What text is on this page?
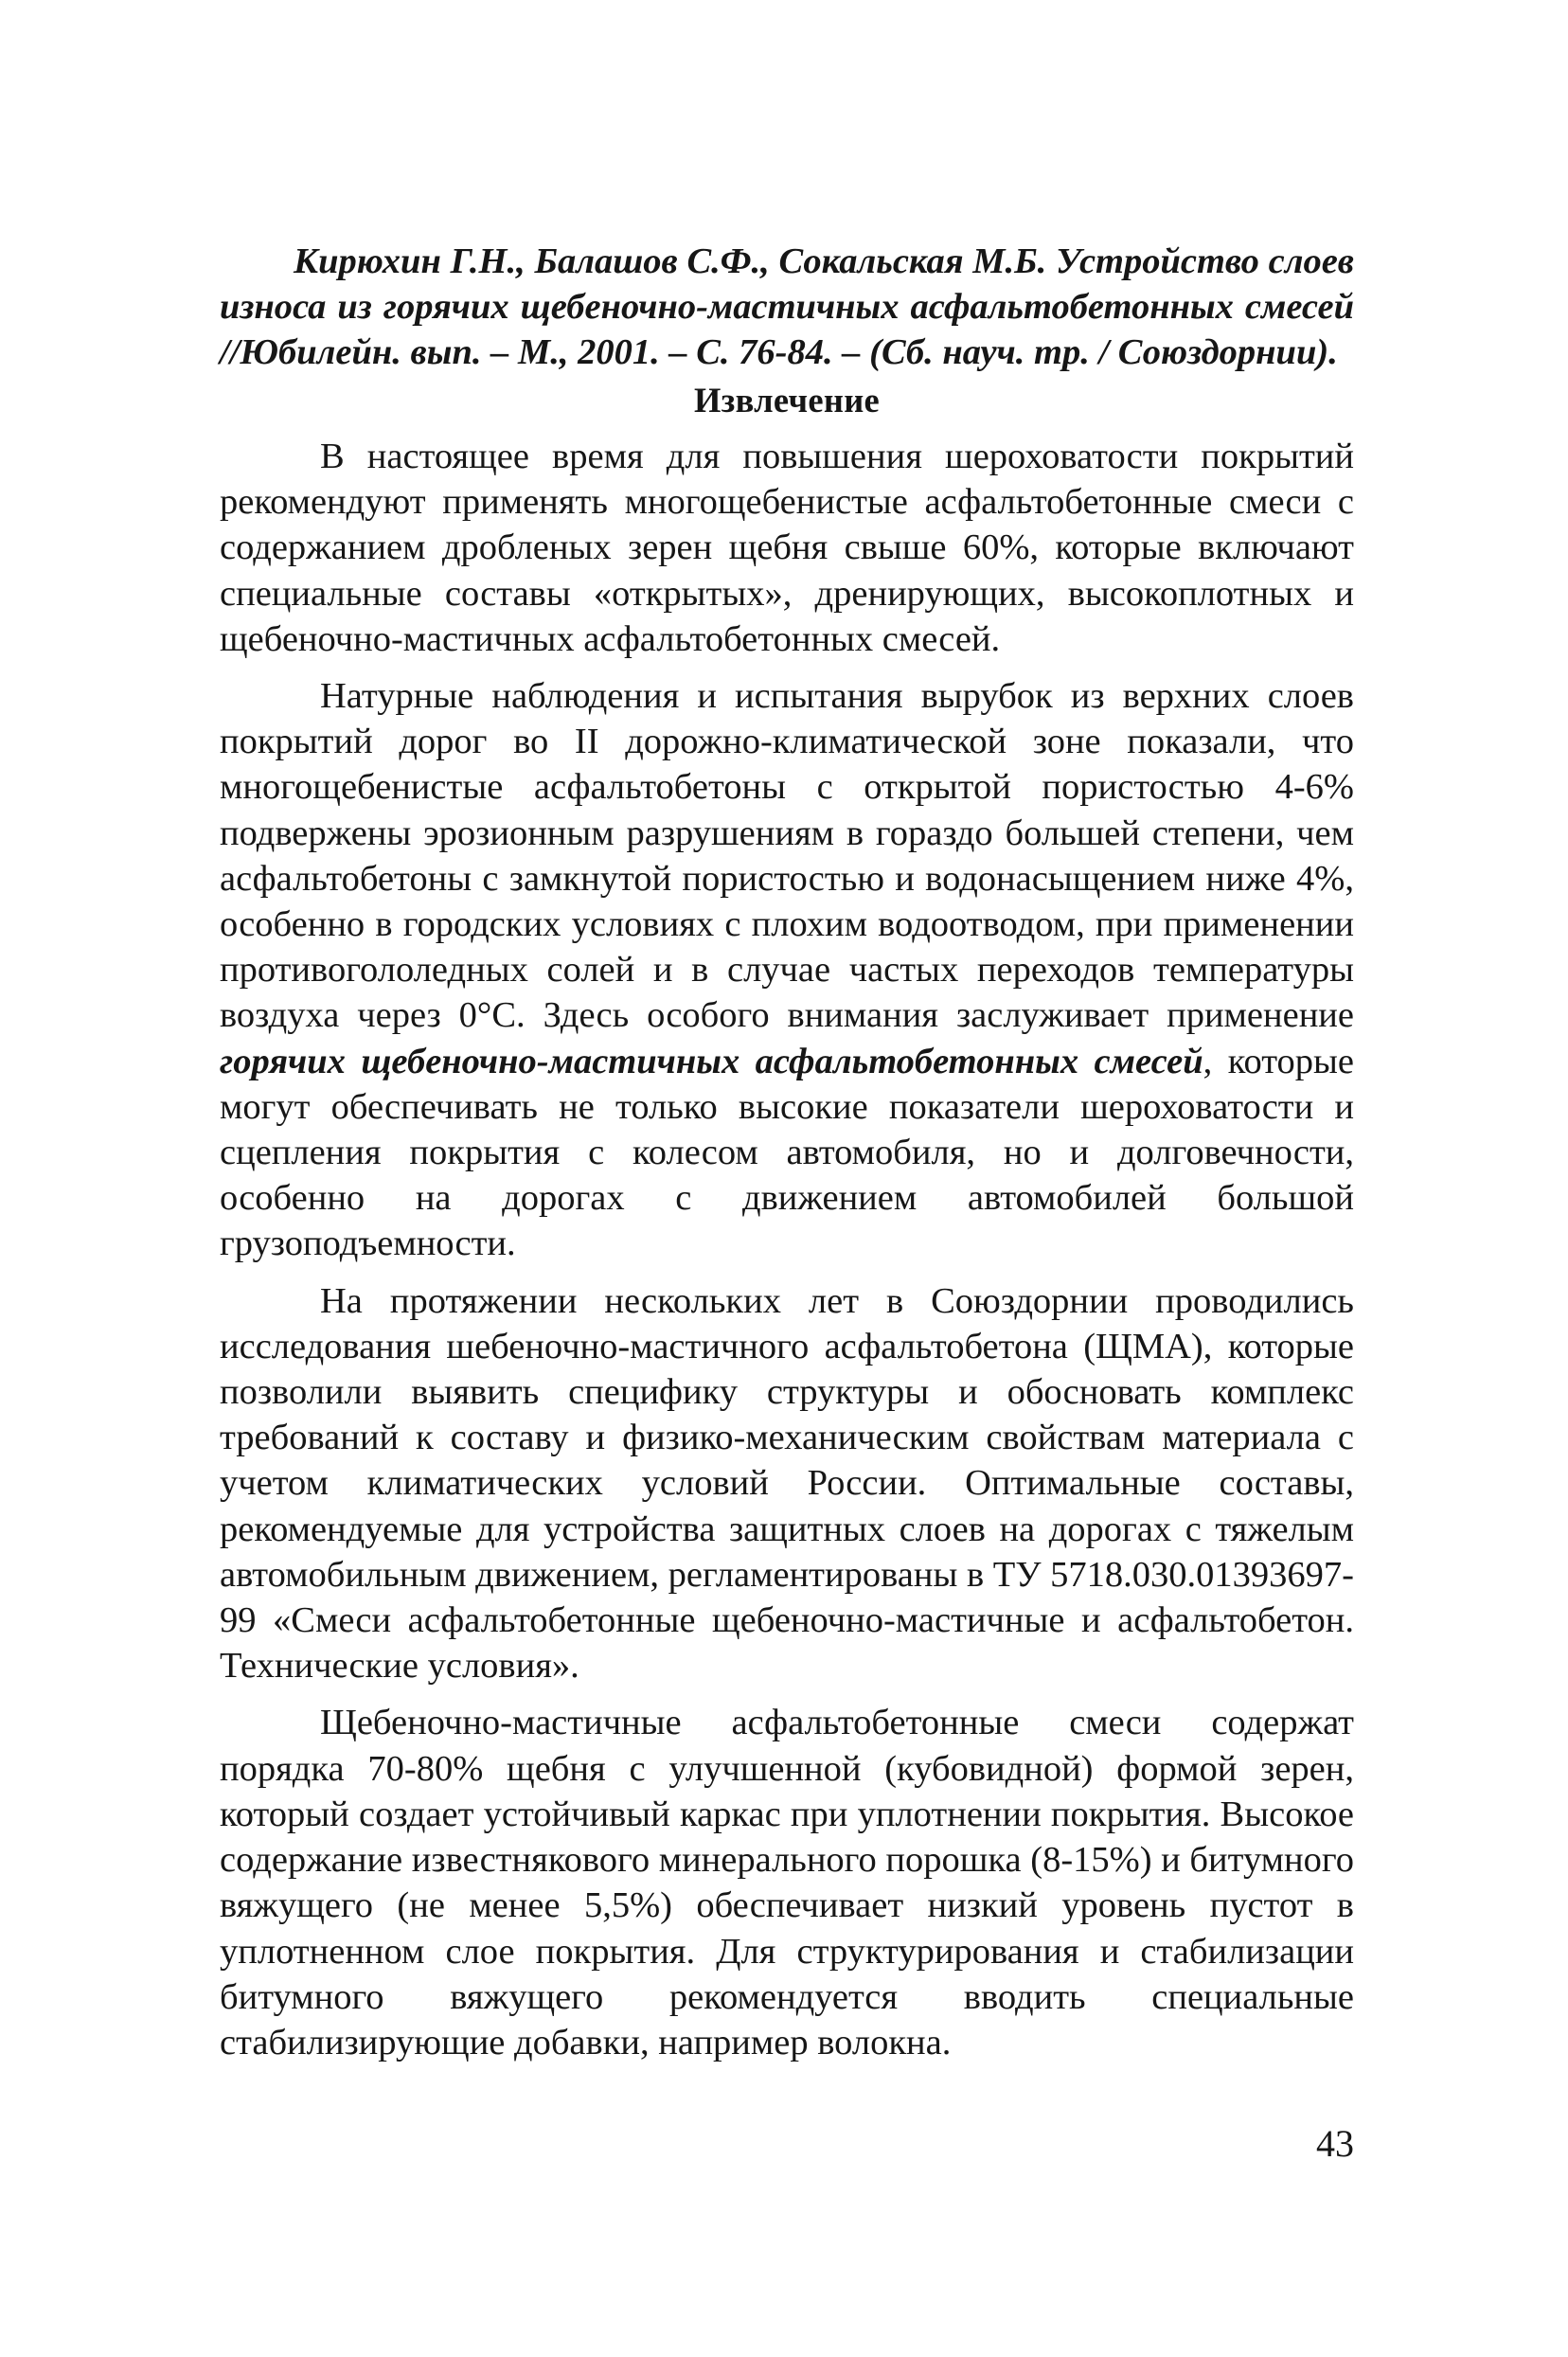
Кирюхин Г.Н., Балашов С.Ф., Сокальская М.Б. Устройство слоев износа из горячих щебеночно-мастичных асфальтобетонных смесей //Юбилейн. вып. – М., 2001. – С. 76-84. – (Сб. науч. тр. / Союздорнии).

Извлечение

В настоящее время для повышения шероховатости покрытий рекомендуют применять многощебенистые асфальтобетонные смеси с содержанием дробленых зерен щебня свыше 60%, которые включают специальные составы «открытых», дренирующих, высокоплотных и щебеночно-мастичных асфальтобетонных смесей.

Натурные наблюдения и испытания вырубок из верхних слоев покрытий дорог во II дорожно-климатической зоне показали, что многощебенистые асфальтобетоны с открытой пористостью 4-6% подвержены эрозионным разрушениям в гораздо большей степени, чем асфальтобетоны с замкнутой пористостью и водонасыщением ниже 4%, особенно в городских условиях с плохим водоотводом, при применении противогололедных солей и в случае частых переходов температуры воздуха через 0°С. Здесь особого внимания заслуживает применение горячих щебеночно-мастичных асфальтобетонных смесей, которые могут обеспечивать не только высокие показатели шероховатости и сцепления покрытия с колесом автомобиля, но и долговечности, особенно на дорогах с движением автомобилей большой грузоподъемности.

На протяжении нескольких лет в Союздорнии проводились исследования шебеночно-мастичного асфальтобетона (ЩМА), которые позволили выявить специфику структуры и обосновать комплекс требований к составу и физико-механическим свойствам материала с учетом климатических условий России. Оптимальные составы, рекомендуемые для устройства защитных слоев на дорогах с тяжелым автомобильным движением, регламентированы в ТУ 5718.030.01393697-99 «Смеси асфальтобетонные щебеночно-мастичные и асфальтобетон. Технические условия».

Щебеночно-мастичные асфальтобетонные смеси содержат порядка 70-80% щебня с улучшенной (кубовидной) формой зерен, который создает устойчивый каркас при уплотнении покрытия. Высокое содержание известнякового минерального порошка (8-15%) и битумного вяжущего (не менее 5,5%) обеспечивает низкий уровень пустот в уплотненном слое покрытия. Для структурирования и стабилизации битумного вяжущего рекомендуется вводить специальные стабилизирующие добавки, например волокна.

43
